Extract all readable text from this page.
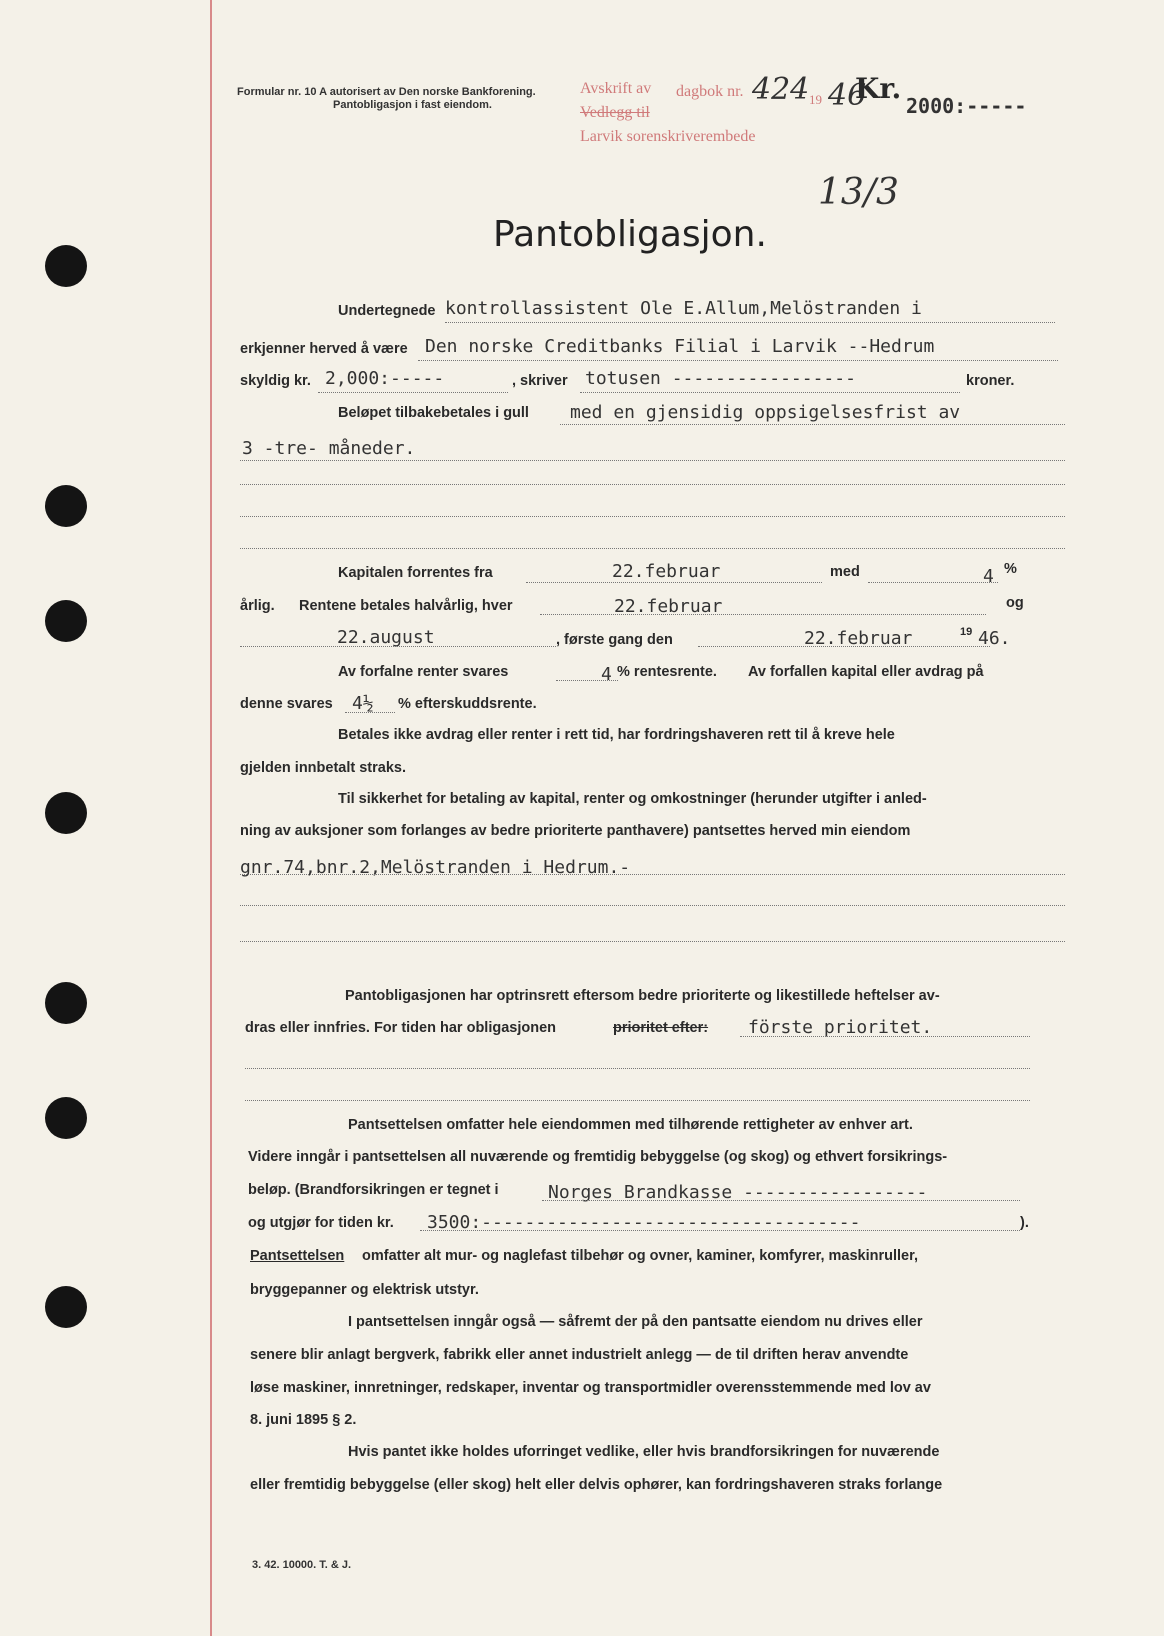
Formular nr. 10 A autorisert av Den norske Bankforening.
Pantobligasjon i fast eiendom.
Avskrift av dagbok nr.
Vedlegg til
Larvik sorenskriverembede
424 19 46
Kr.
2000:-----
13/3
Pantobligasjon.
Undertegnede kontrollassistent Ole E.Allum,Melöstranden i
erkjenner herved å være Den norske Creditbanks Filial i Larvik --Hedrum
skyldig kr. 2,000:-----	, skriver totusen -----------------	kroner.
Beløpet tilbakebetales i gull med en gjensidig oppsigelsesfrist av
3 -tre- måneder.
Kapitalen forrentes fra	22.februar	med	4 %
årlig. Rentene betales halvårlig, hver	22.februar	og
22.august	, første gang den	22.februar	19 46.
Av forfalne renter svares	4 % rentesrente. Av forfallen kapital eller avdrag på
denne svares 4½ % efterskuddsrente.
Betales ikke avdrag eller renter i rett tid, har fordringshaveren rett til å kreve hele
gjelden innbetalt straks.
Til sikkerhet for betaling av kapital, renter og omkostninger (herunder utgifter i anled-
ning av auksjoner som forlanges av bedre prioriterte panthavere) pantsettes herved min eiendom
gnr.74,bnr.2,Melöstranden i Hedrum.-
Pantobligasjonen har optrinsrett eftersom bedre prioriterte og likestillede heftelser av-
dras eller innfries. For tiden har obligasjonen	prioritet efter: förste prioritet.
Pantsettelsen omfatter hele eiendommen med tilhørende rettigheter av enhver art.
Videre inngår i pantsettelsen all nuværende og fremtidig bebyggelse (og skog) og ethvert forsikrings-
beløp. (Brandforsikringen er tegnet i	Norges Brandkasse -----------------
og utgjør for tiden kr. 3500:-----------------------------------	).
Pantsettelsen omfatter alt mur- og naglefast tilbehør og ovner, kaminer, komfyrer, maskinruller,
bryggepanner og elektrisk utstyr.
I pantsettelsen inngår også — såfremt der på den pantsatte eiendom nu drives eller
senere blir anlagt bergverk, fabrikk eller annet industrielt anlegg — de til driften herav anvendte
løse maskiner, innretninger, redskaper, inventar og transportmidler overensstemmende med lov av
8. juni 1895 § 2.
Hvis pantet ikke holdes uforringet vedlike, eller hvis brandforsikringen for nuværende
eller fremtidig bebyggelse (eller skog) helt eller delvis ophører, kan fordringshaveren straks forlange
3. 42. 10000. T. & J.
